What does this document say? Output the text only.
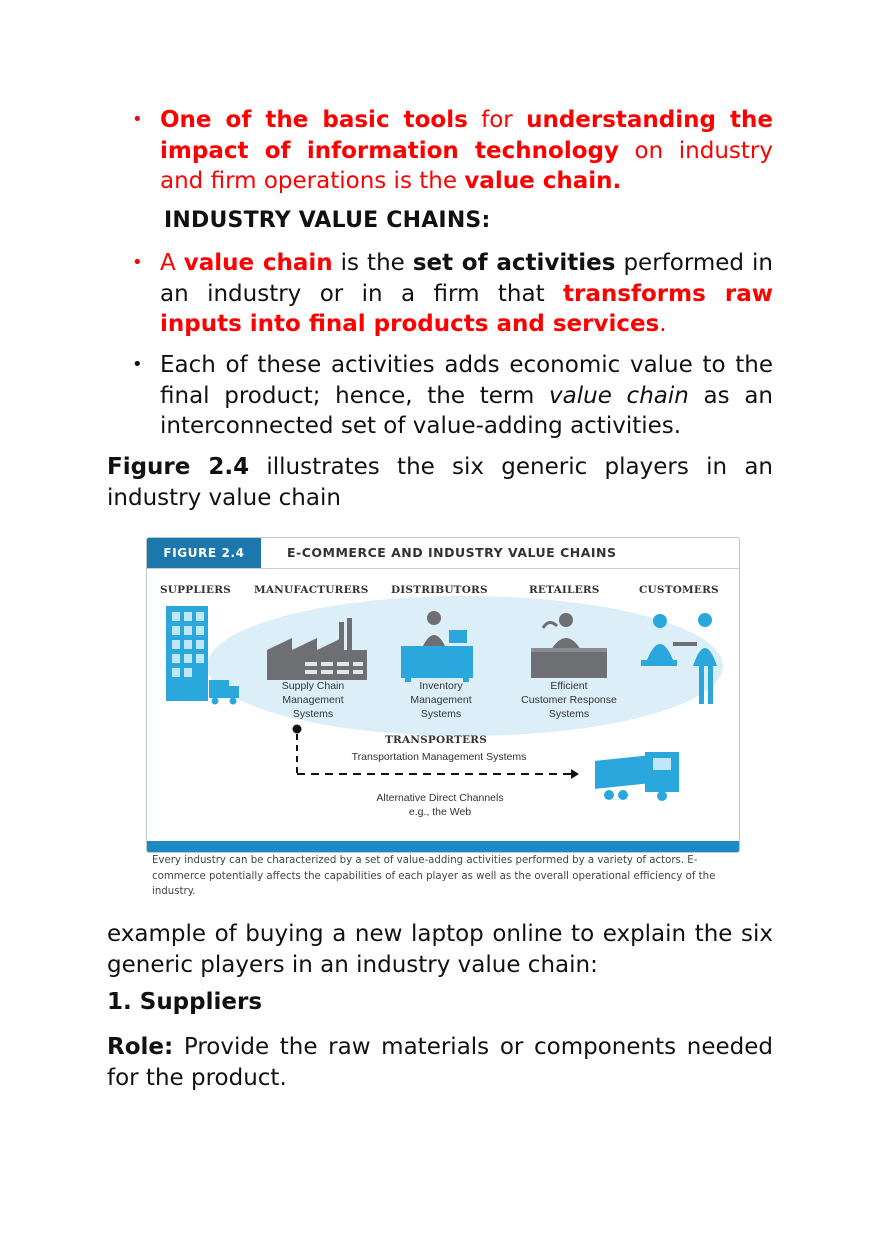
• One of the basic tools for understanding the impact of information technology on industry and firm operations is the value chain.
INDUSTRY VALUE CHAINS:
• A value chain is the set of activities performed in an industry or in a firm that transforms raw inputs into final products and services.
• Each of these activities adds economic value to the final product; hence, the term value chain as an interconnected set of value-adding activities.
Figure 2.4 illustrates the six generic players in an industry value chain
FIGURE 2.4	E-COMMERCE AND INDUSTRY VALUE CHAINS
SUPPLIERS MANUFACTURERS DISTRIBUTORS	RETAILERS	CUSTOMERS
Supply Chain
Management
Systems
Inventory
Management
Systems
Efficient
Customer Response
Systems
TRANSPORTERS
Transportation Management Systems
Alternative Direct Channels
e.g., the Web
Every industry can be characterized by a set of value-adding activities performed by a variety of actors. E-commerce potentially affects the capabilities of each player as well as the overall operational efficiency of the industry.
example of buying a new laptop online to explain the six generic players in an industry value chain:
1. Suppliers
Role: Provide the raw materials or components needed for the product.
